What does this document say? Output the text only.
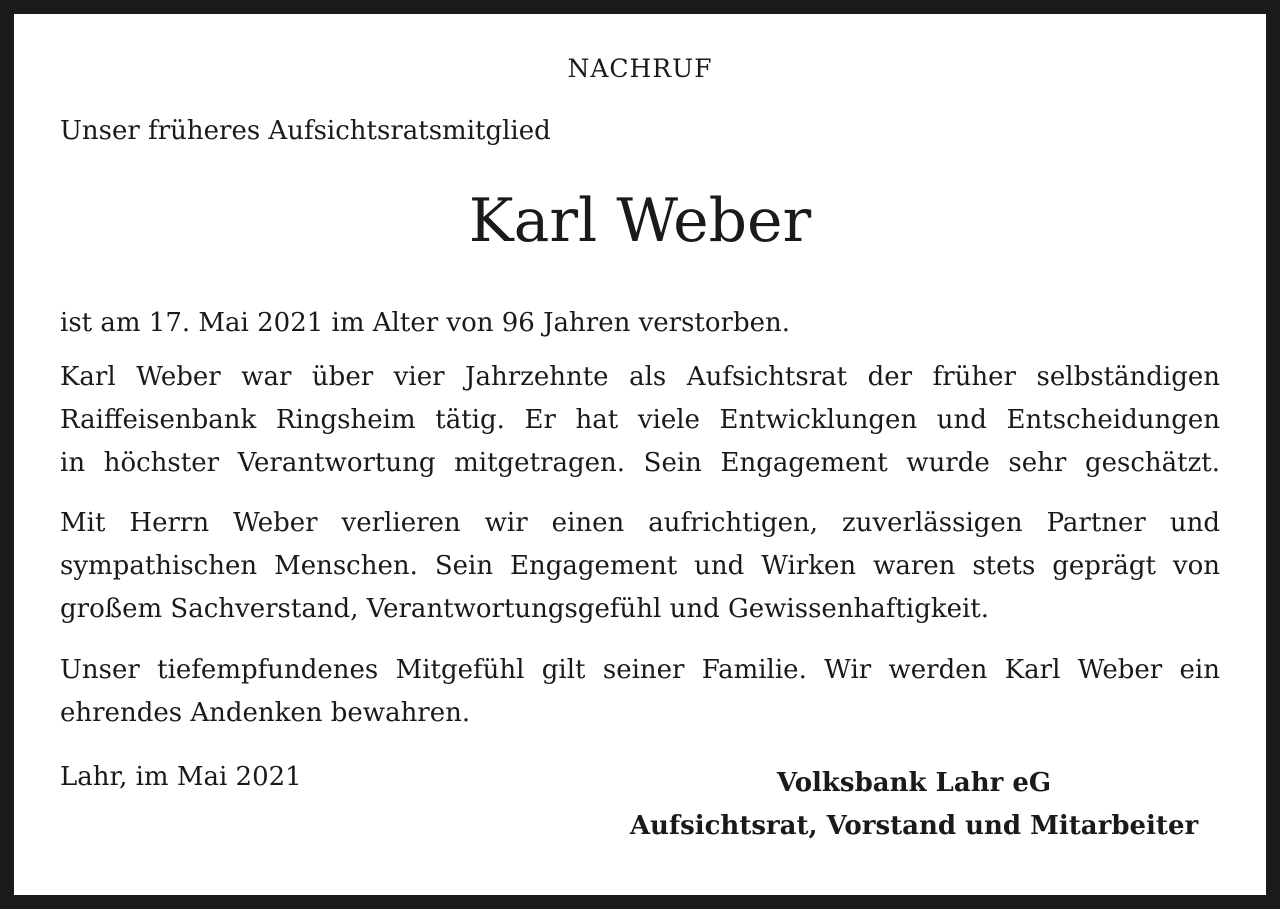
NACHRUF

Unser früheres Aufsichtsratsmitglied

Karl Weber

ist am 17. Mai 2021 im Alter von 96 Jahren verstorben.

Karl Weber war über vier Jahrzehnte als Aufsichtsrat der früher selbständigen
Raiffeisenbank Ringsheim tätig. Er hat viele Entwicklungen und Entscheidungen
in höchster Verantwortung mitgetragen. Sein Engagement wurde sehr geschätzt.

Mit Herrn Weber verlieren wir einen aufrichtigen, zuverlässigen Partner und
sympathischen Menschen. Sein Engagement und Wirken waren stets geprägt von
großem Sachverstand, Verantwortungsgefühl und Gewissenhaftigkeit.

Unser tiefempfundenes Mitgefühl gilt seiner Familie. Wir werden Karl Weber ein
ehrendes Andenken bewahren.

Lahr, im Mai 2021	Volksbank Lahr eG
Aufsichtsrat, Vorstand und Mitarbeiter
